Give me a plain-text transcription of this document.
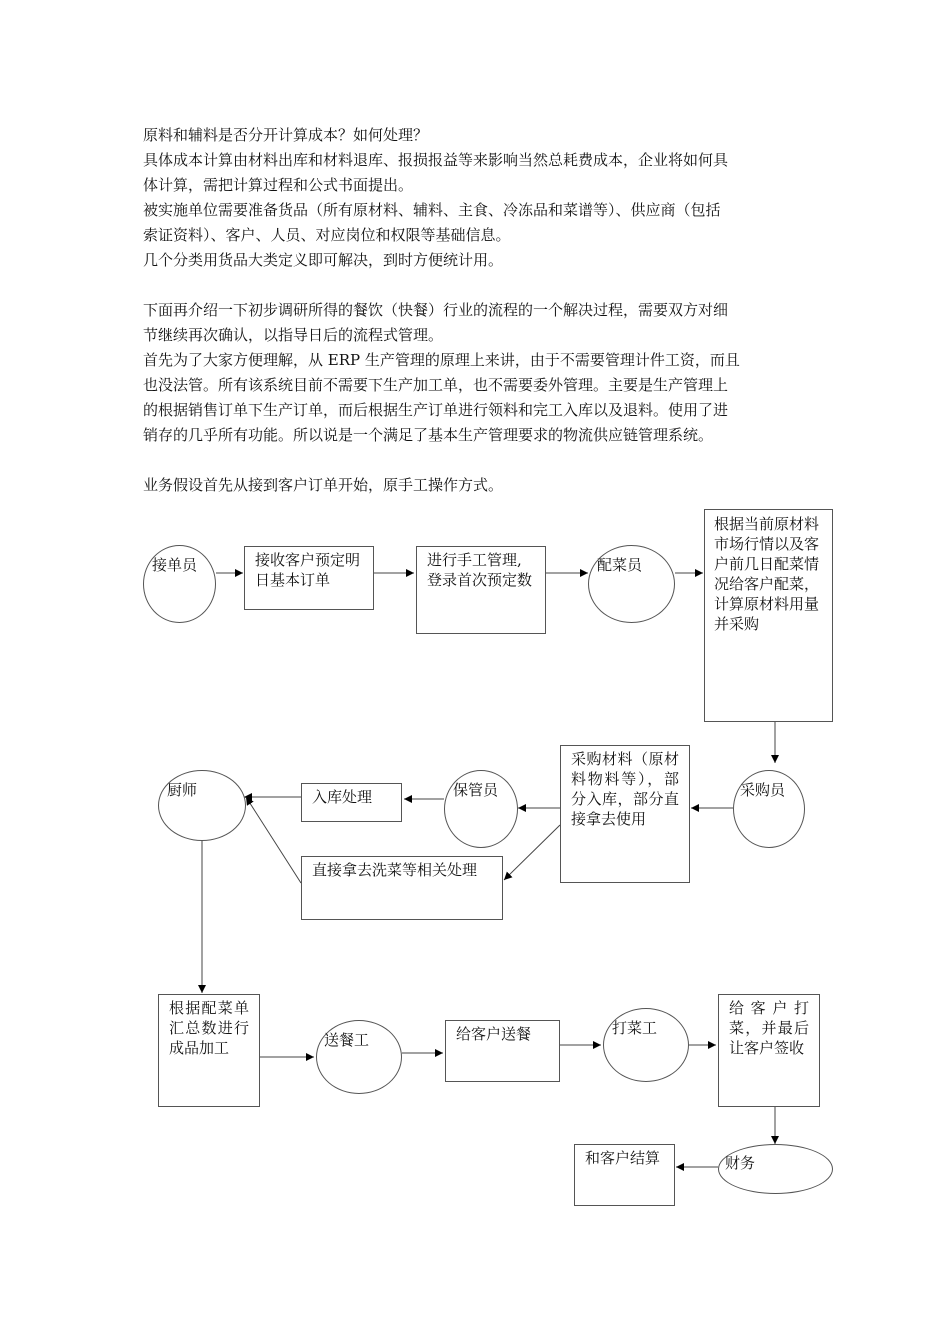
原料和辅料是否分开计算成本？如何处理？
具体成本计算由材料出库和材料退库、报损报益等来影响当然总耗费成本，企业将如何具
体计算，需把计算过程和公式书面提出。
被实施单位需要准备货品（所有原材料、辅料、主食、冷冻品和菜谱等）、供应商（包括
索证资料）、客户、人员、对应岗位和权限等基础信息。
几个分类用货品大类定义即可解决，到时方便统计用。
下面再介绍一下初步调研所得的餐饮（快餐）行业的流程的一个解决过程，需要双方对细
节继续再次确认，以指导日后的流程式管理。
首先为了大家方便理解，从 ERP 生产管理的原理上来讲，由于不需要管理计件工资，而且
也没法管。所有该系统目前不需要下生产加工单，也不需要委外管理。主要是生产管理上
的根据销售订单下生产订单，而后根据生产订单进行领料和完工入库以及退料。使用了进
销存的几乎所有功能。所以说是一个满足了基本生产管理要求的物流供应链管理系统。
业务假设首先从接到客户订单开始，原手工操作方式。
接单员	接收客户预定明日基本订单
进行手工管理,登录首次预定数
配菜员
根据当前原材料市场行情以及客户前几日配菜情况给客户配菜，计算原材料用量并采购
厨师	入库处理	保管员
采购材料（原材料物料等），部分入库，部分直接拿去使用
采购员
直接拿去洗菜等相关处理
根据配菜单汇总数进行成品加工	送餐工	给客户送餐	打菜工
给客户打菜，并最后让客户签收
和客户结算	财务
